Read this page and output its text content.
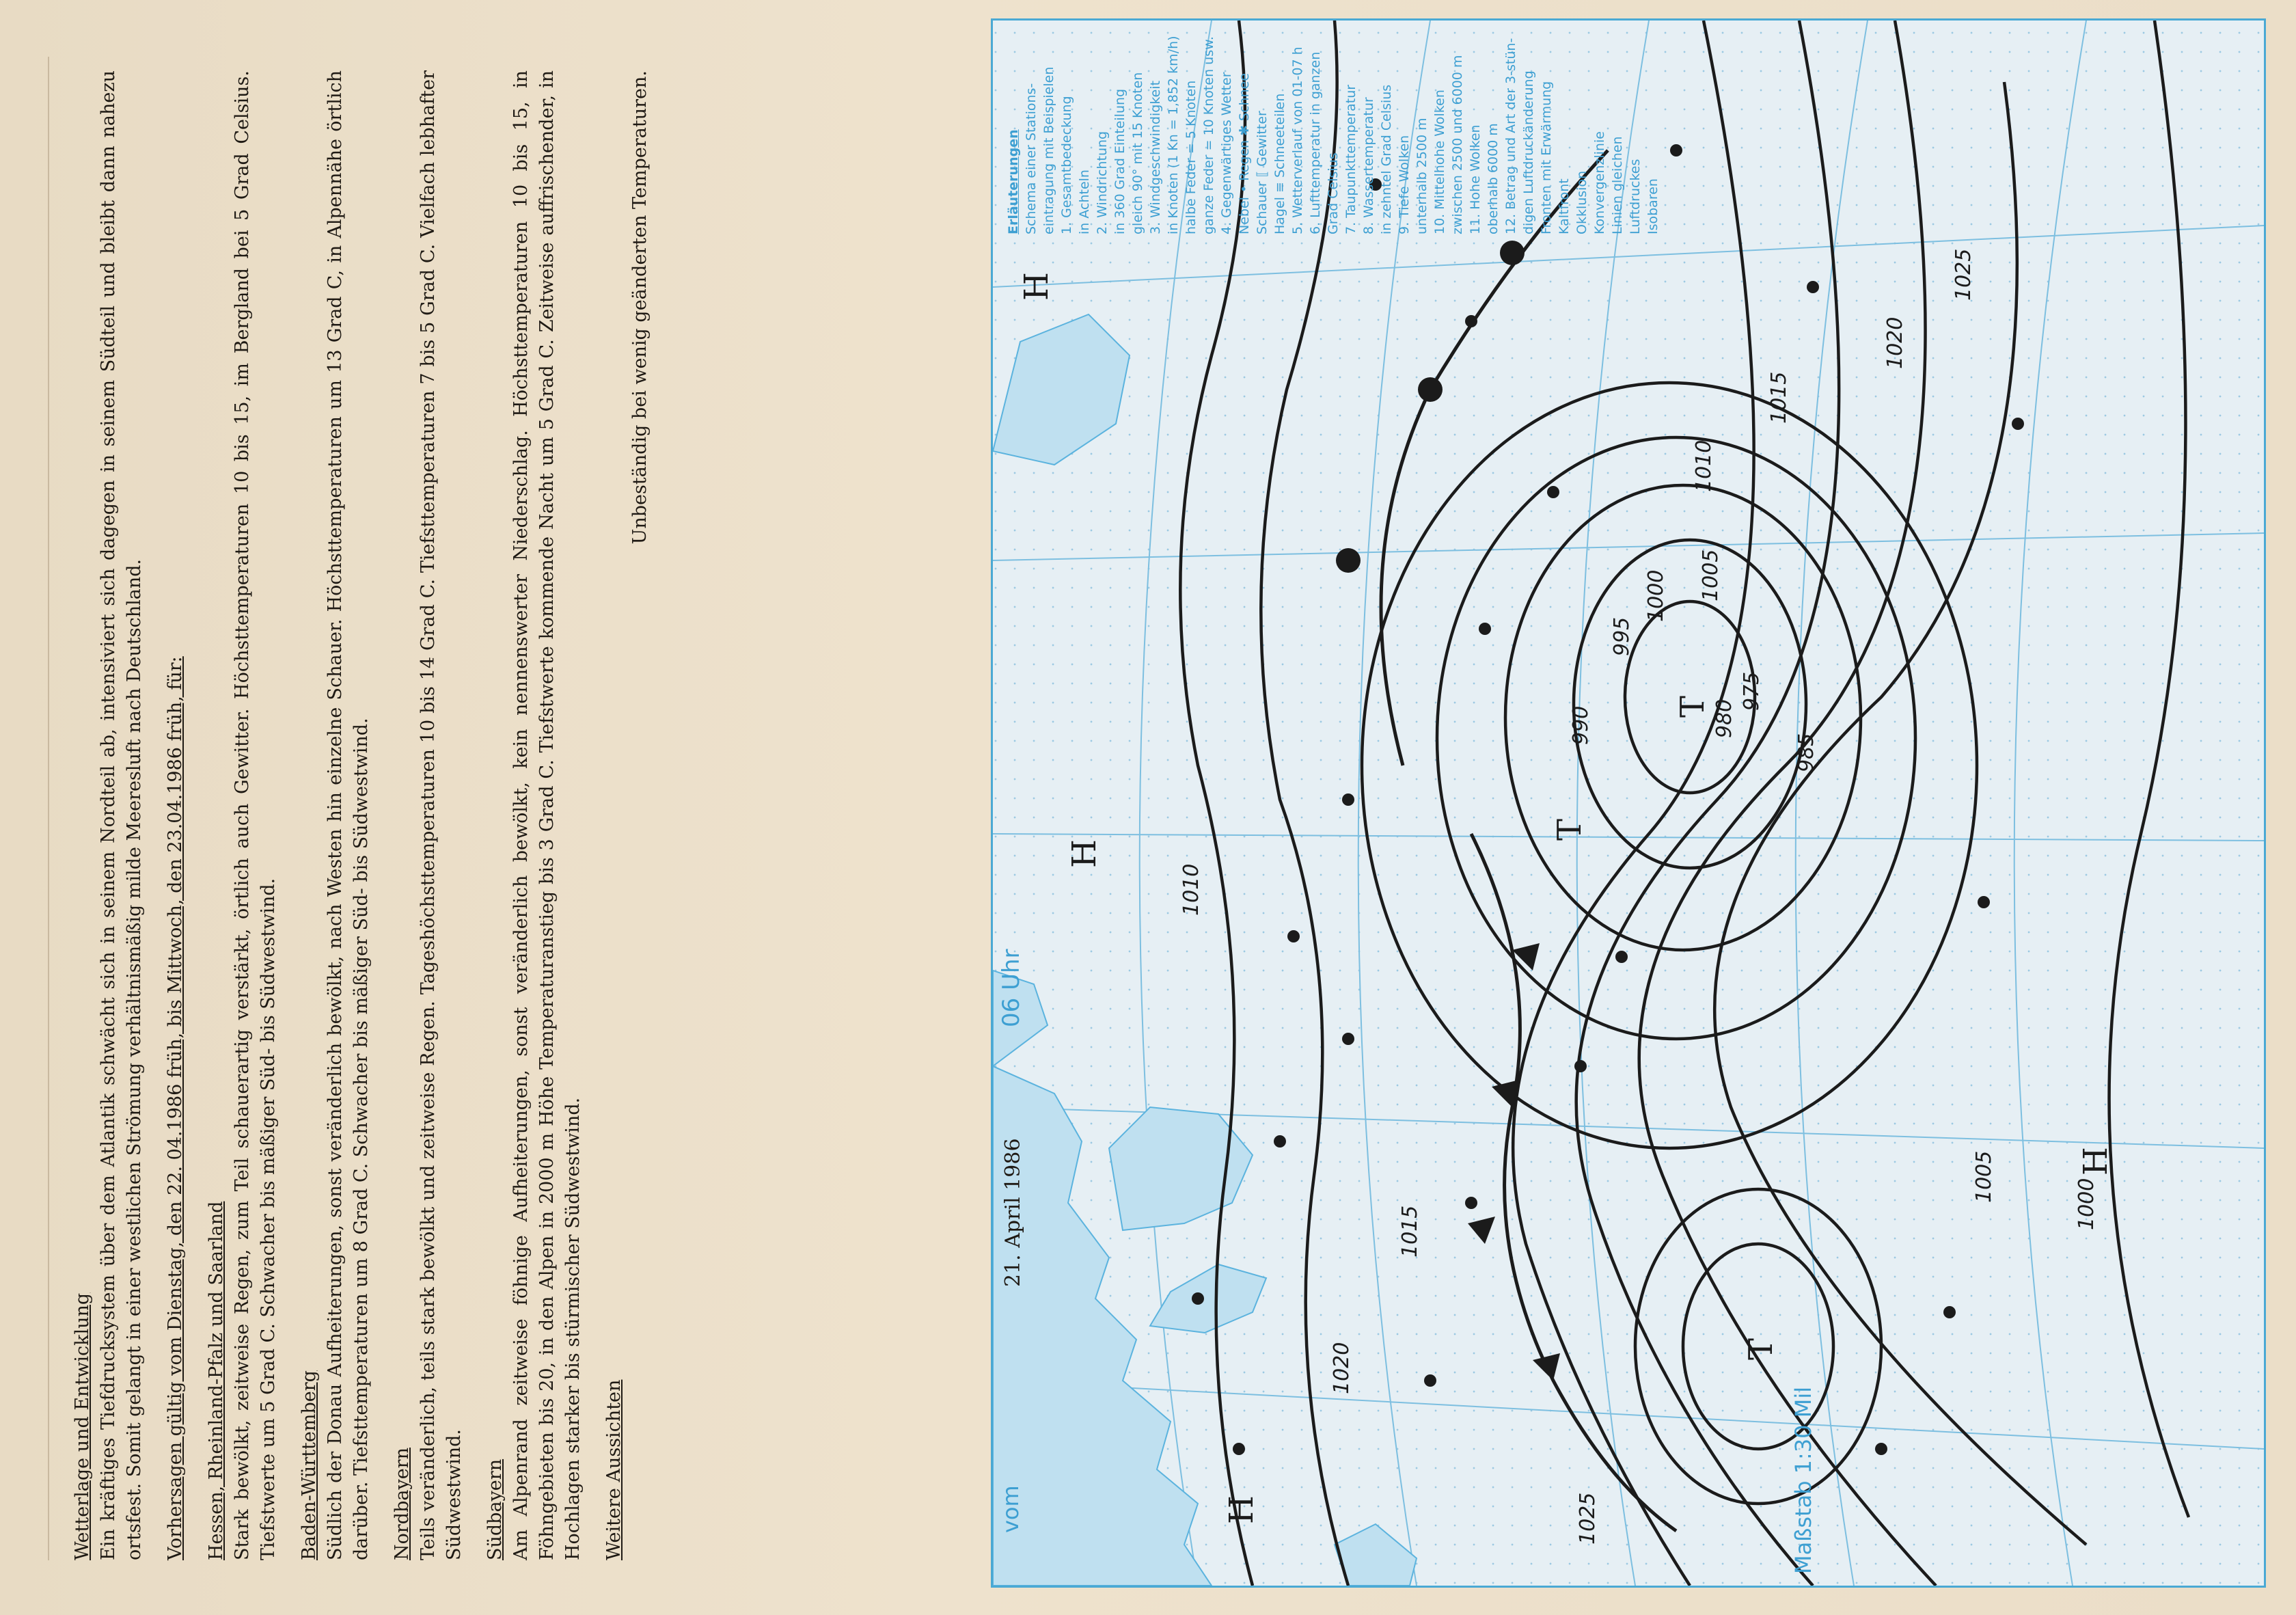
T
T
T
H
H
H
H
1025
1020
1015
1010
1005
1000
995
990
985
980
975
1025
1020
1015
1010
1005
1000
vom
21. April 1986
06 Uhr
Maßstab 1:30 Mil
Erläuterungen Schema einer Stations- eintragung mit Beispielen 1. Gesamtbedeckung in Achteln 2. Windrichtung in 360 Grad Einteilung gleich 90° mit 15 Knoten 3. Windgeschwindigkeit in Knoten (1 Kn = 1,852 km/h) halbe Feder = 5 Knoten ganze Feder = 10 Knoten usw. 4. Gegenwärtiges Wetter Nebel • Regen ✱ Schnee Schauer ⟦ Gewitter Hagel ≡ Schneeteilen 5. Wetterverlauf von 01-07 h 6. Lufttemperatur in ganzen Grad Celsius 7. Taupunkttemperatur 8. Wassertemperatur in zehntel Grad Celsius 9. Tiefe Wolken unterhalb 2500 m 10. Mittelhohe Wolken zwischen 2500 und 6000 m 11. Hohe Wolken oberhalb 6000 m 12. Betrag und Art der 3-stün- digen Luftdruckänderung Fronten mit Erwärmung Kaltfront Okklusion Konvergenzlinie Linien gleichen Luftdruckes Isobaren
Wetterlage und Entwicklung Ein kräftiges Tiefdrucksystem über dem Atlantik schwächt sich in seinem Nordteil ab, intensiviert sich dagegen in seinem Südteil und bleibt dann nahezu ortsfest. Somit gelangt in einer westlichen Strömung verhältnismäßig milde Meeresluft nach Deutschland. Vorhersagen gültig vom Dienstag, den 22. 04.1986 früh, bis Mittwoch, den 23.04.1986 früh, für: Hessen, Rheinland-Pfalz und Saarland Stark bewölkt, zeitweise Regen, zum Teil schauerartig verstärkt, örtlich auch Gewitter. Höchsttemperaturen 10 bis 15, im Bergland bei 5 Grad Celsius. Tiefstwerte um 5 Grad C. Schwacher bis mäßiger Süd- bis Südwestwind. Baden-Württemberg Südlich der Donau Aufheiterungen, sonst veränderlich bewölkt, nach Westen hin einzelne Schauer. Höchsttemperaturen um 13 Grad C, in Alpennähe örtlich darüber. Tiefsttemperaturen um 8 Grad C. Schwacher bis mäßiger Süd- bis Südwestwind. Nordbayern Teils veränderlich, teils stark bewölkt und zeitweise Regen. Tageshöchsttemperaturen 10 bis 14 Grad C. Tiefsttemperaturen 7 bis 5 Grad C. Vielfach lebhafter Südwestwind. Südbayern Am Alpenrand zeitweise föhnige Aufheiterungen, sonst veränderlich bewölkt, kein nennenswerter Niederschlag. Höchsttemperaturen 10 bis 15, in Föhngebieten bis 20, in den Alpen in 2000 m Höhe Temperaturanstieg bis 3 Grad C. Tiefstwerte kommende Nacht um 5 Grad C. Zeitweise auffrischender, in Hochlagen starker bis stürmischer Südwestwind. Weitere Aussichten

Unbeständig bei wenig geänderten Temperaturen.
